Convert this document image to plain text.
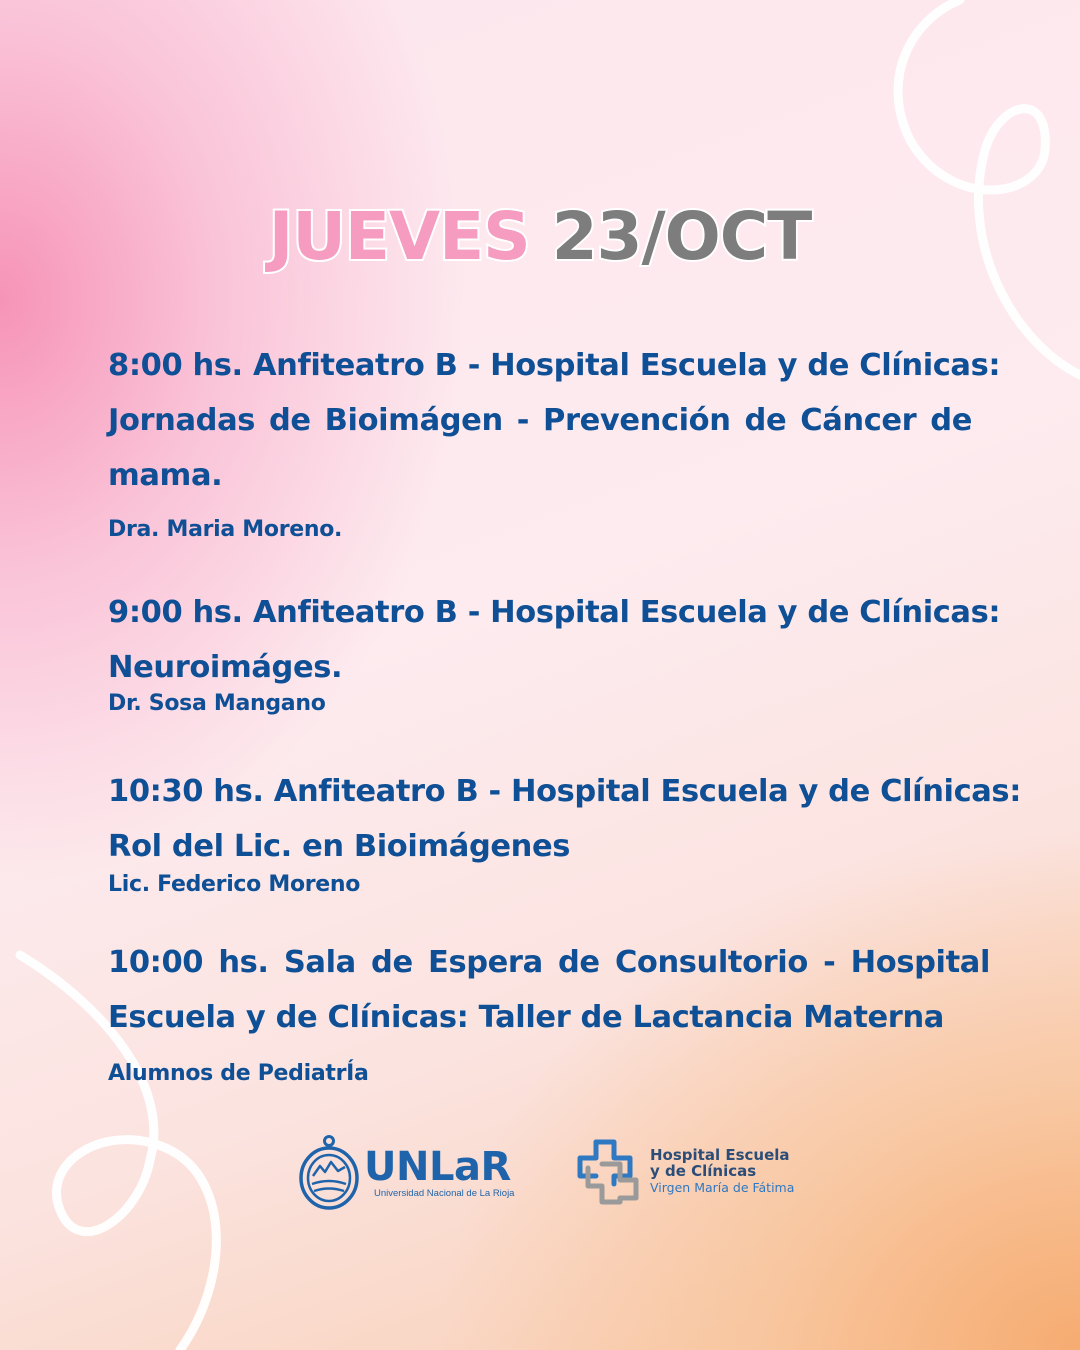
JUEVES 23/OCT
8:00 hs. Anfiteatro B - Hospital Escuela y de Clínicas:
Jornadas de Bioimágen - Prevención de Cáncer de
mama.
Dra. Maria Moreno.
9:00 hs. Anfiteatro B - Hospital Escuela y de Clínicas:
Neuroimáges.
Dr. Sosa Mangano
10:30 hs. Anfiteatro B - Hospital Escuela y de Clínicas:
Rol del Lic. en Bioimágenes
Lic. Federico Moreno
10:00 hs. Sala de Espera de Consultorio - Hospital
Escuela y de Clínicas: Taller de Lactancia Materna
Alumnos de PediatrÍa
UNLaR
Universidad Nacional de La Rioja
Hospital Escuela
y de Clínicas
Virgen María de Fátima
